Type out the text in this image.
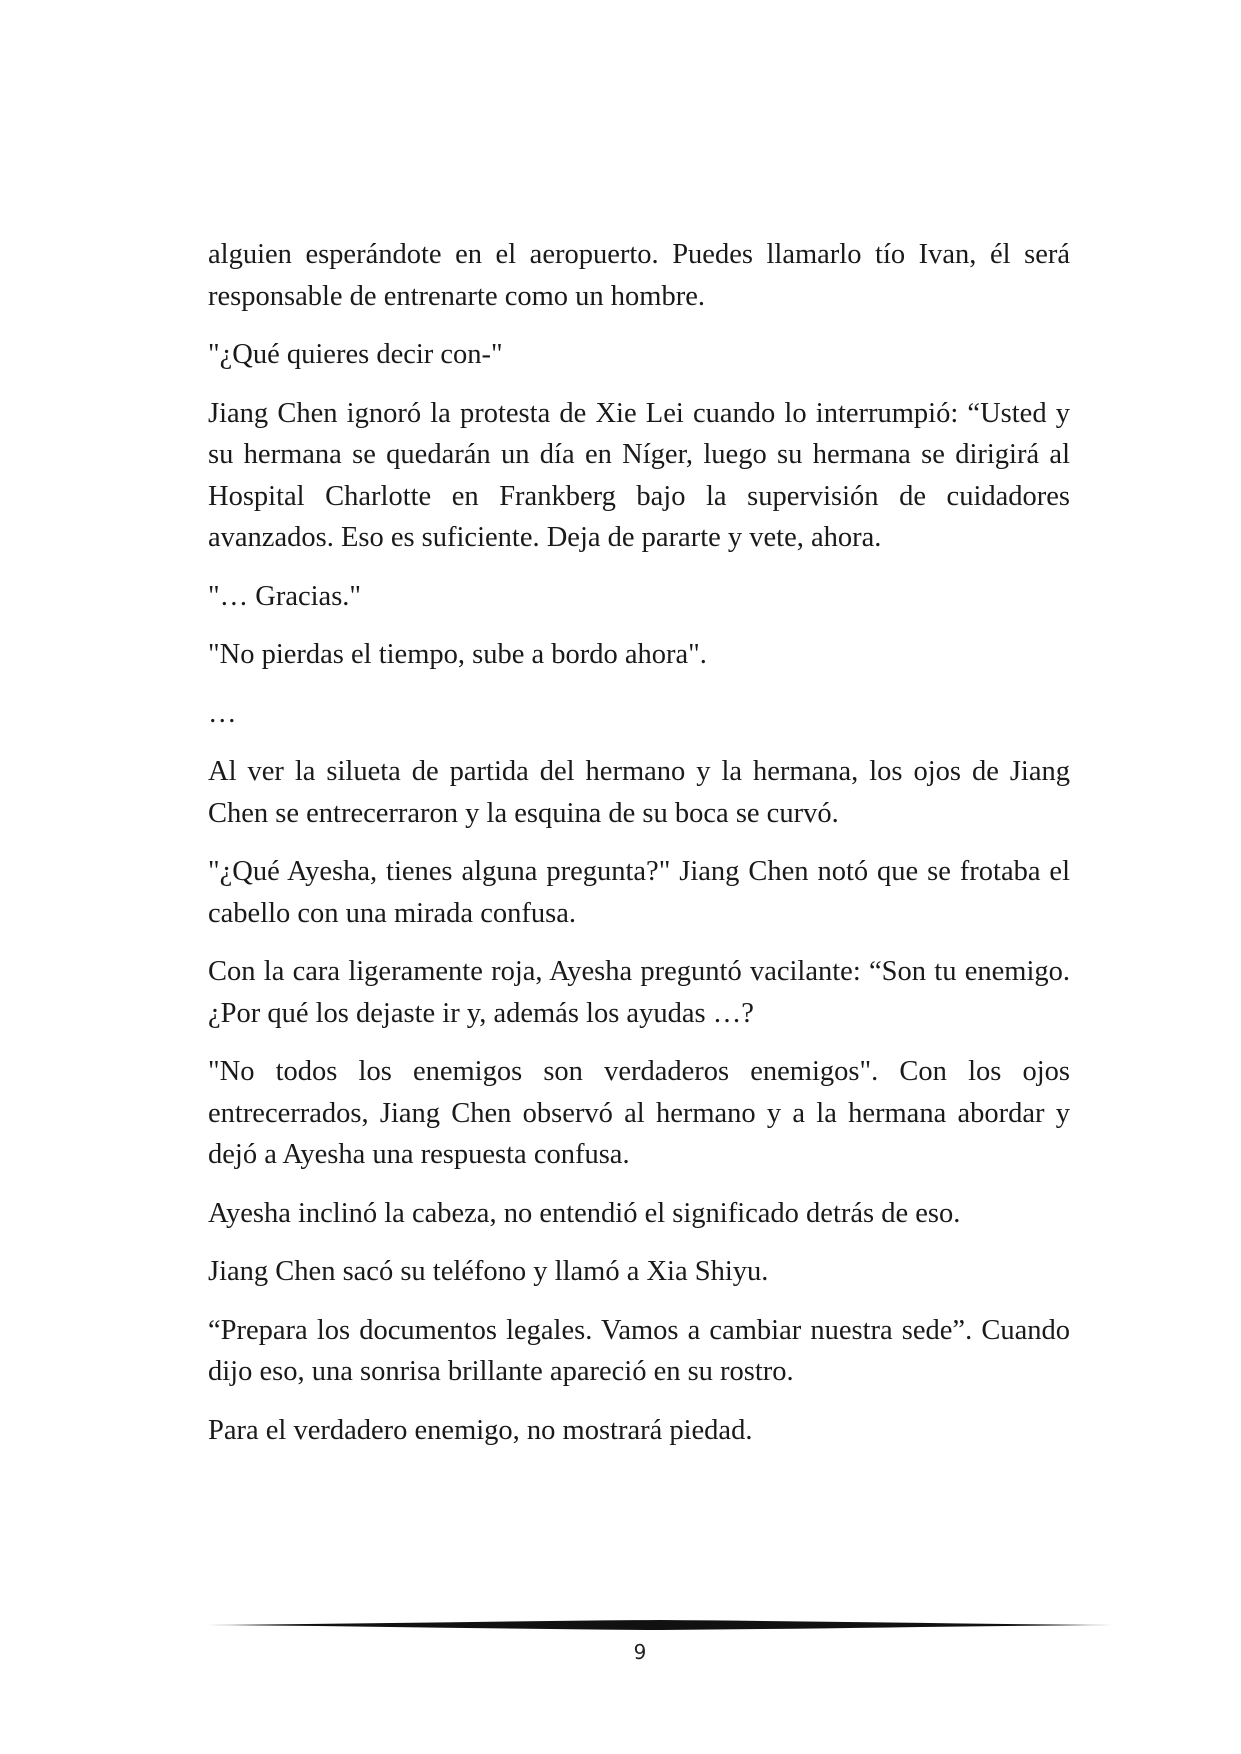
alguien esperándote en el aeropuerto. Puedes llamarlo tío Ivan, él será responsable de entrenarte como un hombre.

"¿Qué quieres decir con-"

Jiang Chen ignoró la protesta de Xie Lei cuando lo interrumpió: “Usted y su hermana se quedarán un día en Níger, luego su hermana se dirigirá al Hospital Charlotte en Frankberg bajo la supervisión de cuidadores avanzados. Eso es suficiente. Deja de pararte y vete, ahora.

"… Gracias."

"No pierdas el tiempo, sube a bordo ahora".

…

Al ver la silueta de partida del hermano y la hermana, los ojos de Jiang Chen se entrecerraron y la esquina de su boca se curvó.

"¿Qué Ayesha, tienes alguna pregunta?" Jiang Chen notó que se frotaba el cabello con una mirada confusa.

Con la cara ligeramente roja, Ayesha preguntó vacilante: “Son tu enemigo. ¿Por qué los dejaste ir y, además los ayudas …?

"No todos los enemigos son verdaderos enemigos". Con los ojos entrecerrados, Jiang Chen observó al hermano y a la hermana abordar y dejó a Ayesha una respuesta confusa.

Ayesha inclinó la cabeza, no entendió el significado detrás de eso.

Jiang Chen sacó su teléfono y llamó a Xia Shiyu.

“Prepara los documentos legales. Vamos a cambiar nuestra sede”. Cuando dijo eso, una sonrisa brillante apareció en su rostro.

Para el verdadero enemigo, no mostrará piedad.

9
